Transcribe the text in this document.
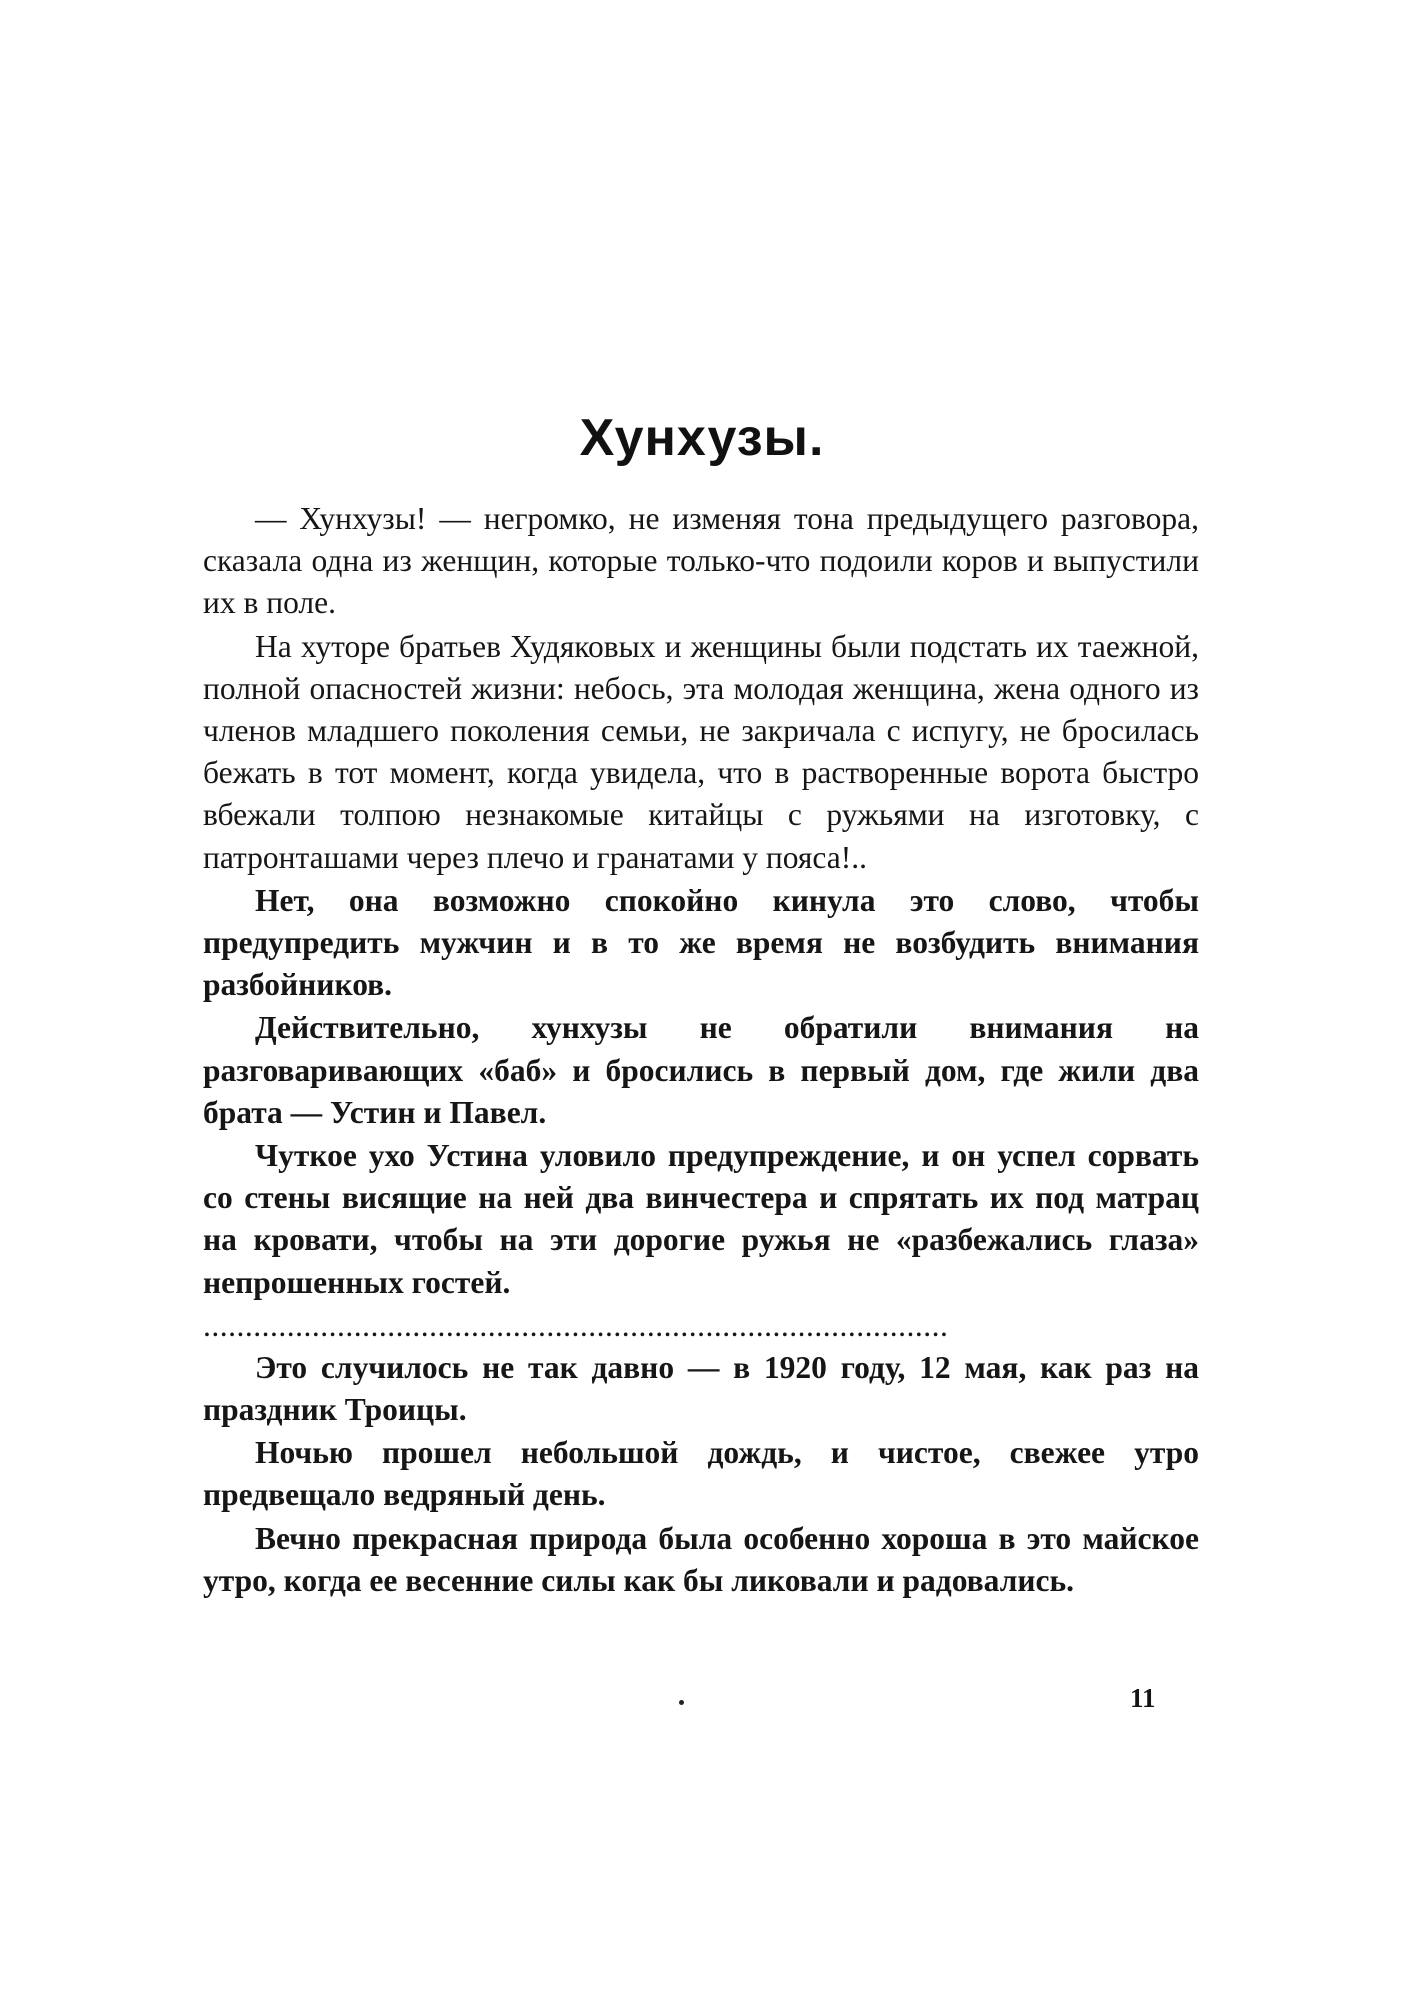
Хунхузы.

— Хунхузы! — негромко, не изменяя тона предыдущего разговора, сказала одна из женщин, которые только-что подоили коров и выпустили их в поле.

На хуторе братьев Худяковых и женщины были подстать их таежной, полной опасностей жизни: небось, эта молодая женщина, жена одного из членов младшего поколения семьи, не закричала с испугу, не бросилась бежать в тот момент, когда увидела, что в растворенные ворота быстро вбежали толпою незнакомые китайцы с ружьями на изготовку, с патронташами через плечо и гранатами у пояса!..

Нет, она возможно спокойно кинула это слово, чтобы предупредить мужчин и в то же время не возбудить внимания разбойников.

Действительно, хунхузы не обратили внимания на разговаривающих «баб» и бросились в первый дом, где жили два брата — Устин и Павел.

Чуткое ухо Устина уловило предупреждение, и он успел сорвать со стены висящие на ней два винчестера и спрятать их под матрац на кровати, чтобы на эти дорогие ружья не «разбежались глаза» непрошенных гостей.

.........................................................................................

Это случилось не так давно — в 1920 году, 12 мая, как раз на праздник Троицы.

Ночью прошел небольшой дождь, и чистое, свежее утро предвещало ведряный день.

Вечно прекрасная природа была особенно хороша в это майское утро, когда ее весенние силы как бы ликовали и радовались.

11
